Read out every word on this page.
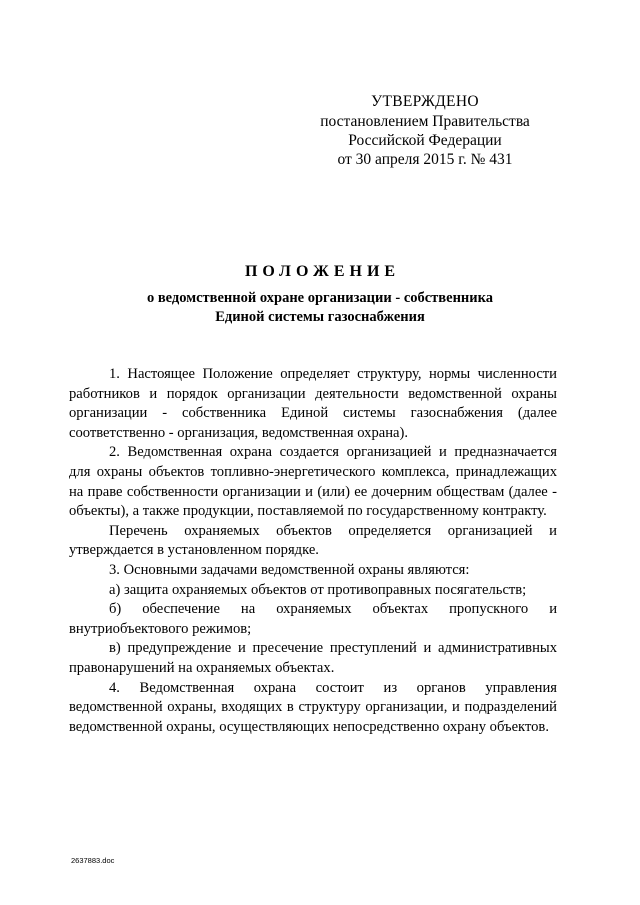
УТВЕРЖДЕНО
постановлением Правительства
Российской Федерации
от 30 апреля 2015 г. № 431
ПОЛОЖЕНИЕ
о ведомственной охране организации - собственника
Единой системы газоснабжения

1. Настоящее Положение определяет структуру, нормы численности работников и порядок организации деятельности ведомственной охраны организации - собственника Единой системы газоснабжения (далее соответственно - организация, ведомственная охрана).

2. Ведомственная охрана создается организацией и предназначается для охраны объектов топливно-энергетического комплекса, принадлежащих на праве собственности организации и (или) ее дочерним обществам (далее - объекты), а также продукции, поставляемой по государственному контракту.

Перечень охраняемых объектов определяется организацией и утверждается в установленном порядке.

3. Основными задачами ведомственной охраны являются:

а) защита охраняемых объектов от противоправных посягательств;

б) обеспечение на охраняемых объектах пропускного и внутриобъектового режимов;

в) предупреждение и пресечение преступлений и административных правонарушений на охраняемых объектах.

4. Ведомственная охрана состоит из органов управления ведомственной охраны, входящих в структуру организации, и подразделений ведомственной охраны, осуществляющих непосредственно охрану объектов.

2637883.doc
